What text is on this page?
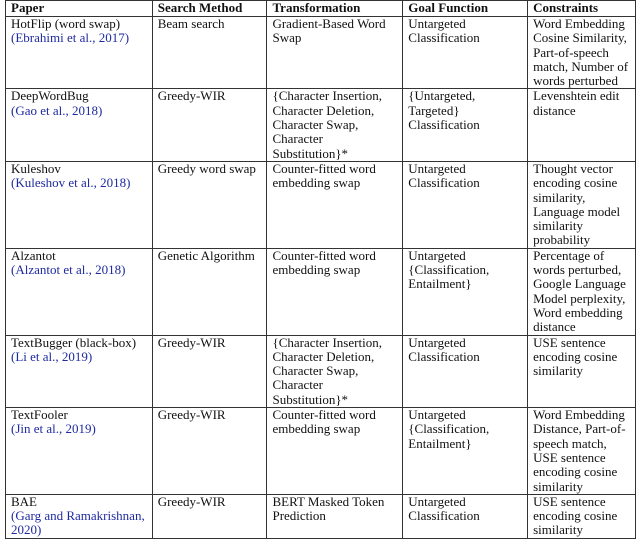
Paper	Search Method	Transformation	Goal Function	Constraints
HotFlip (word swap)
(Ebrahimi et al., 2017)	Beam search	Gradient-Based Word Swap	Untargeted Classification	Word Embedding Cosine Similarity, Part-of-speech match, Number of words perturbed
DeepWordBug
(Gao et al., 2018)	Greedy-WIR	{Character Insertion, Character Deletion, Character Swap, Character Substitution}*	{Untargeted, Targeted} Classification	Levenshtein edit distance
Kuleshov
(Kuleshov et al., 2018)	Greedy word swap	Counter-fitted word embedding swap	Untargeted Classification	Thought vector encoding cosine similarity, Language model similarity probability
Alzantot
(Alzantot et al., 2018)	Genetic Algorithm	Counter-fitted word embedding swap	Untargeted {Classification, Entailment}	Percentage of words perturbed, Google Language Model perplexity, Word embedding distance
TextBugger (black-box)
(Li et al., 2019)	Greedy-WIR	{Character Insertion, Character Deletion, Character Swap, Character Substitution}*	Untargeted Classification	USE sentence encoding cosine similarity
TextFooler
(Jin et al., 2019)	Greedy-WIR	Counter-fitted word embedding swap	Untargeted {Classification, Entailment}	Word Embedding Distance, Part-of-speech match, USE sentence encoding cosine similarity
BAE
(Garg and Ramakrishnan, 2020)	Greedy-WIR	BERT Masked Token Prediction	Untargeted Classification	USE sentence encoding cosine similarity
